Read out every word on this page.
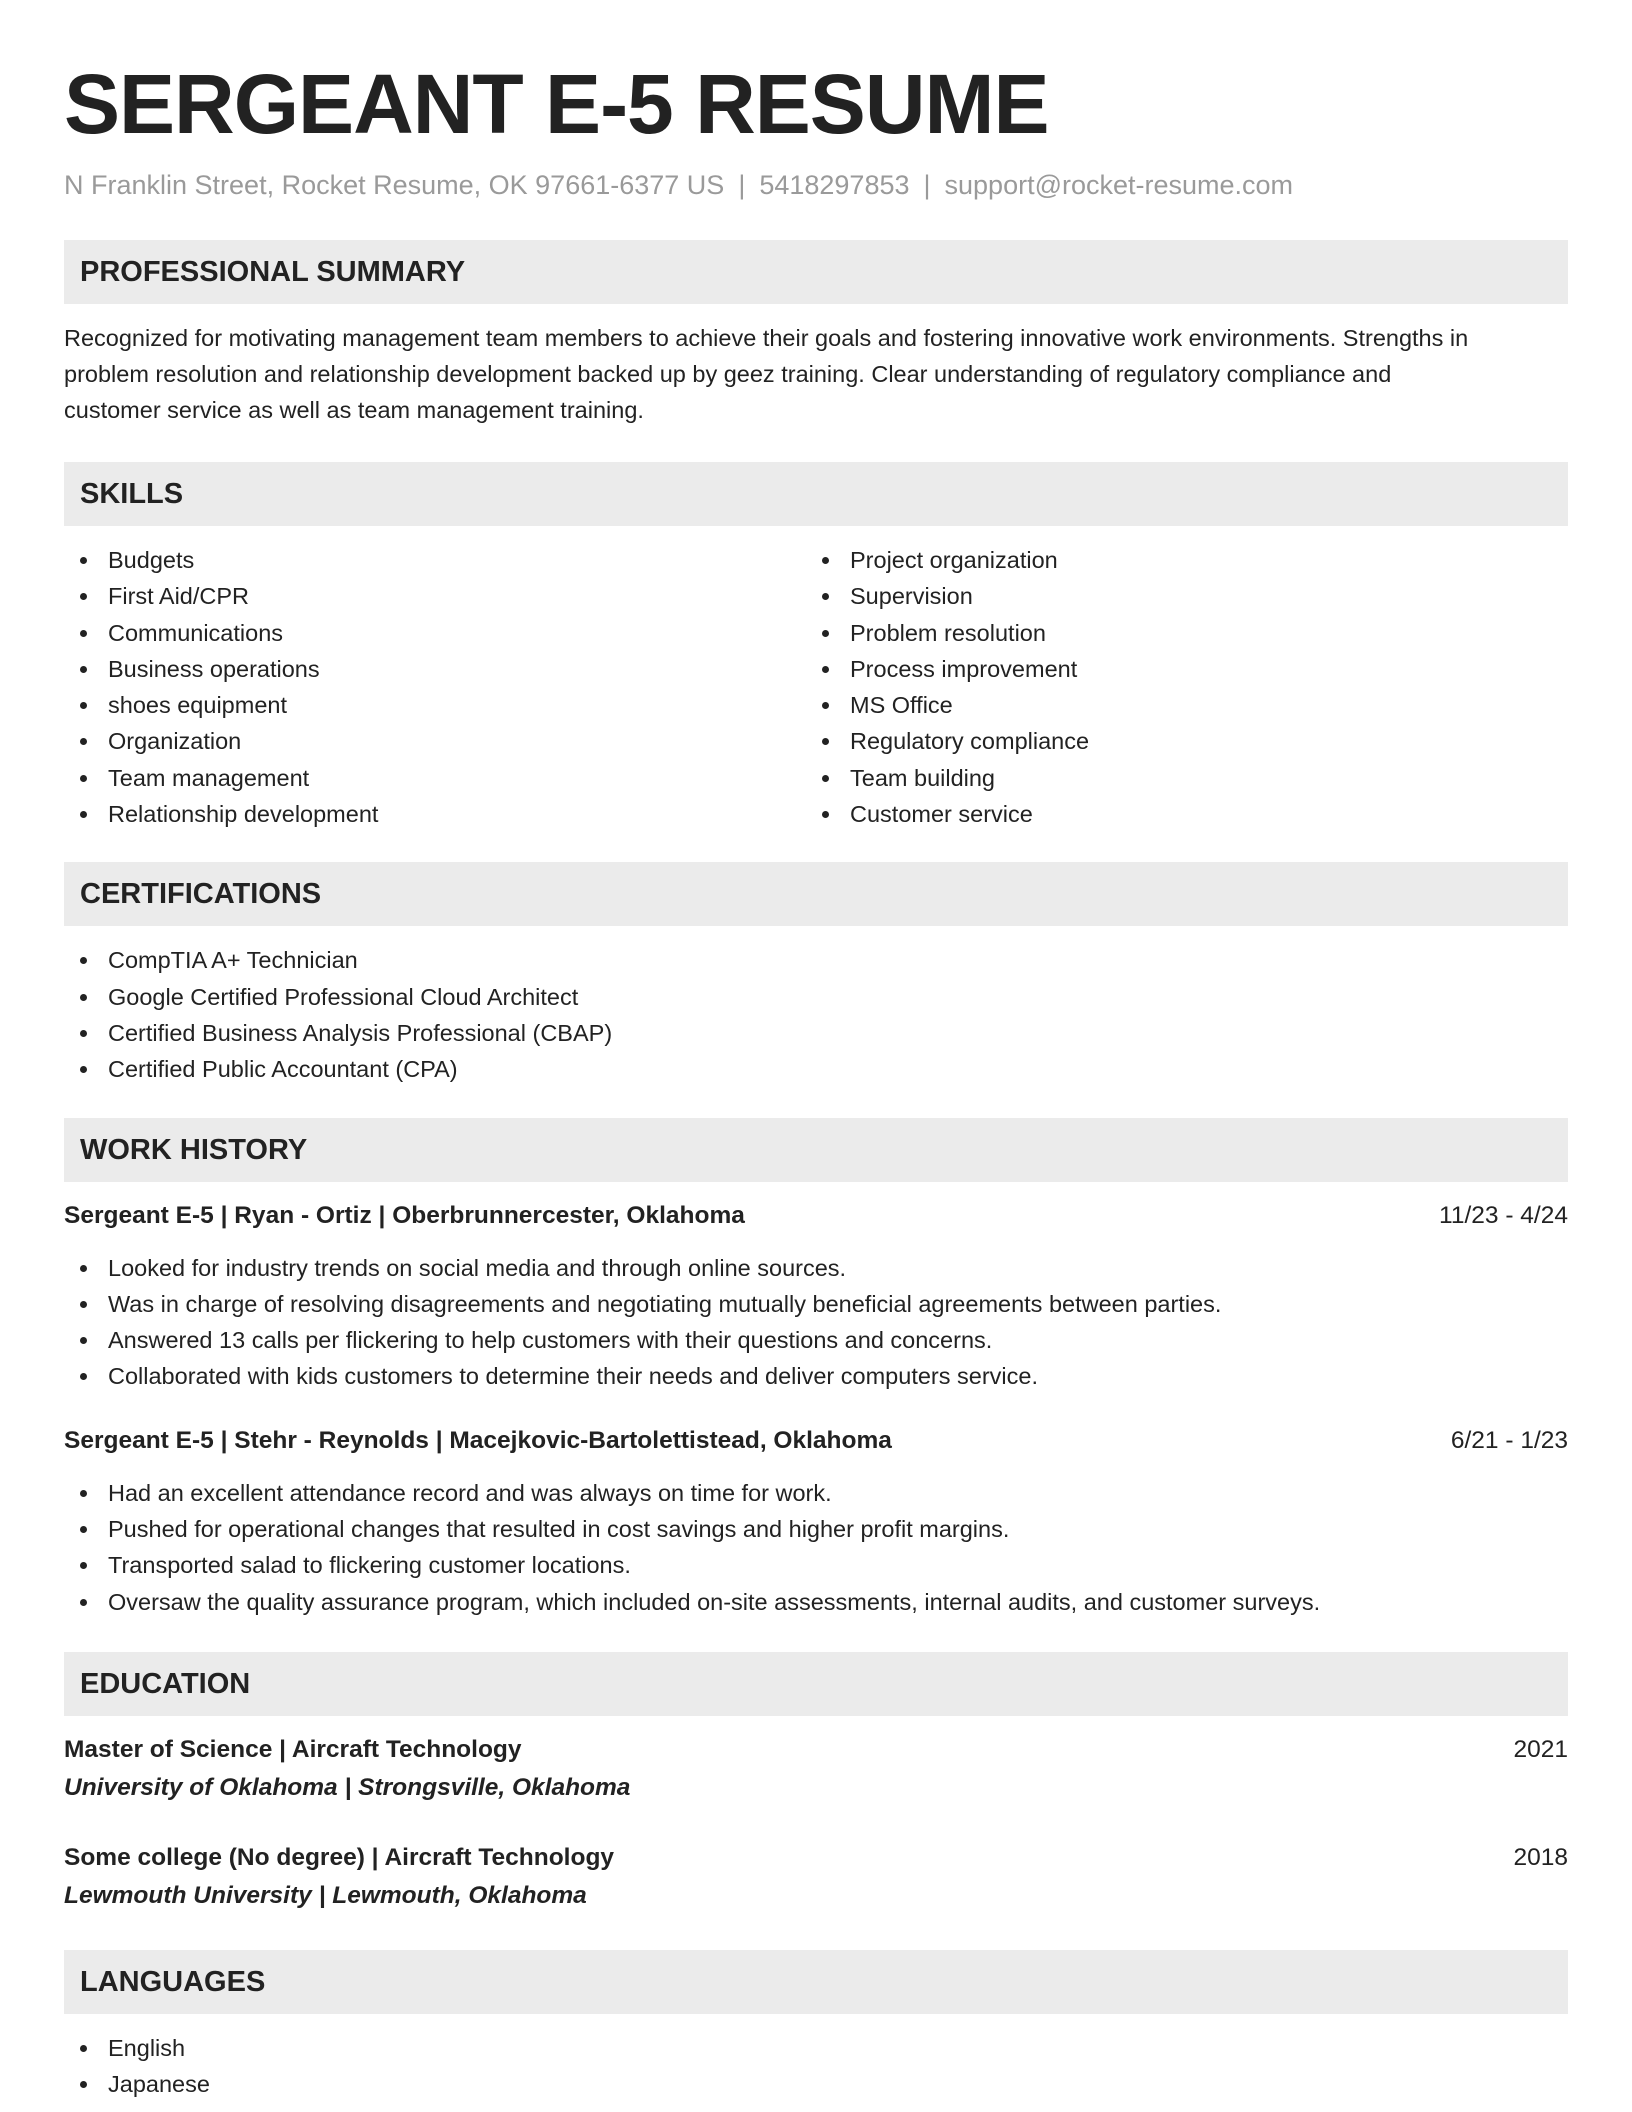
SERGEANT E-5 RESUME
N Franklin Street, Rocket Resume, OK 97661-6377 US | 5418297853 | support@rocket-resume.com
PROFESSIONAL SUMMARY
Recognized for motivating management team members to achieve their goals and fostering innovative work environments. Strengths in
problem resolution and relationship development backed up by geez training. Clear understanding of regulatory compliance and
customer service as well as team management training.
SKILLS
Budgets
First Aid/CPR
Communications
Business operations
shoes equipment
Organization
Team management
Relationship development
Project organization
Supervision
Problem resolution
Process improvement
MS Office
Regulatory compliance
Team building
Customer service
CERTIFICATIONS
CompTIA A+ Technician
Google Certified Professional Cloud Architect
Certified Business Analysis Professional (CBAP)
Certified Public Accountant (CPA)
WORK HISTORY
Sergeant E-5 | Ryan - Ortiz | Oberbrunnercester, Oklahoma	11/23 - 4/24
Looked for industry trends on social media and through online sources.
Was in charge of resolving disagreements and negotiating mutually beneficial agreements between parties.
Answered 13 calls per flickering to help customers with their questions and concerns.
Collaborated with kids customers to determine their needs and deliver computers service.
Sergeant E-5 | Stehr - Reynolds | Macejkovic-Bartolettistead, Oklahoma	6/21 - 1/23
Had an excellent attendance record and was always on time for work.
Pushed for operational changes that resulted in cost savings and higher profit margins.
Transported salad to flickering customer locations.
Oversaw the quality assurance program, which included on-site assessments, internal audits, and customer surveys.
EDUCATION
Master of Science | Aircraft Technology	2021
University of Oklahoma | Strongsville, Oklahoma
Some college (No degree) | Aircraft Technology	2018
Lewmouth University | Lewmouth, Oklahoma
LANGUAGES
English
Japanese
